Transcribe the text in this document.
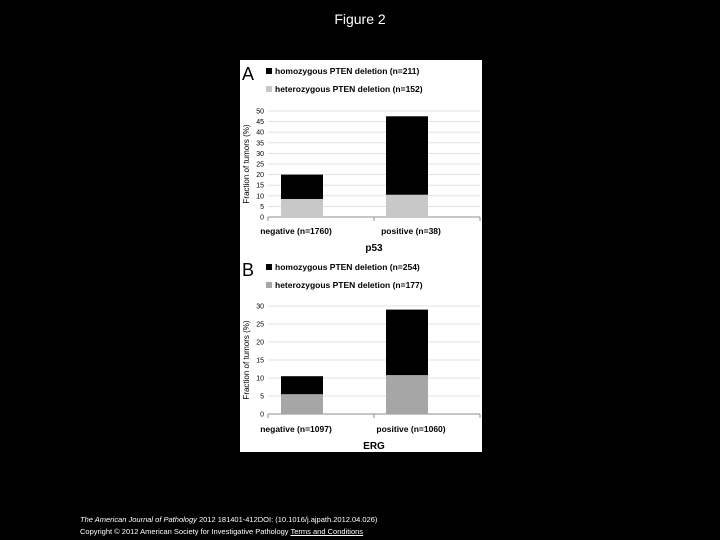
Figure 2
A homozygous PTEN deletion (n=211)
heterozygous PTEN deletion (n=152)
0
5
10
15
20
25
30
35
40
45
50
negative (n=1760)	positive (n=38)
p53
Fraction of tumors (%)
B homozygous PTEN deletion (n=254)
heterozygous PTEN deletion (n=177)
0
5
10
15
20
25
30
negative (n=1097)	positive (n=1060)
ERG
Fraction of tumors (%)
The American Journal of Pathology 2012 181401-412DOI: (10.1016/j.ajpath.2012.04.026)
Copyright © 2012 American Society for Investigative Pathology Terms and Conditions
